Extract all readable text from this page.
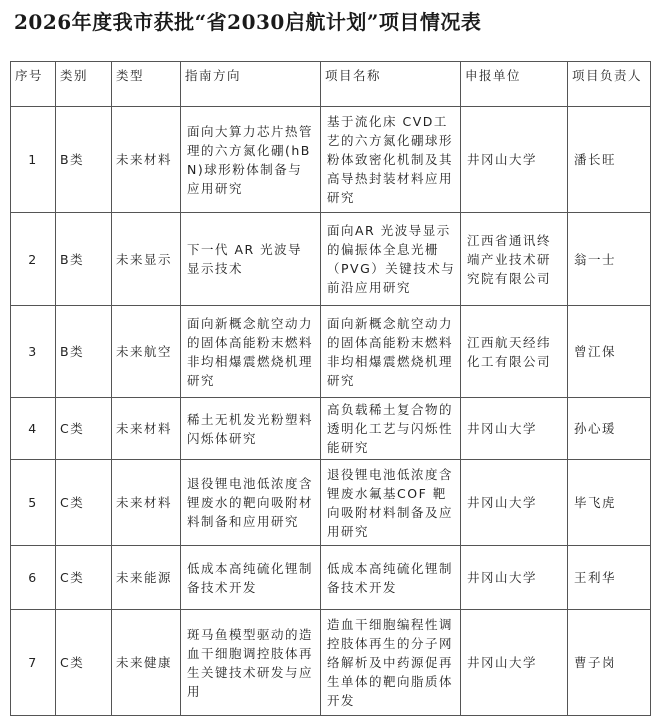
2026年度我市获批“省2030启航计划”项目情况表
序号	类别	类型	指南方向	项目名称	申报单位	项目负责人
1	B类	未来材料	面向大算力芯片热管理的六方氮化硼(hBN)球形粉体制备与应用研究	基于流化床 CVD工艺的六方氮化硼球形粉体致密化机制及其高导热封装材料应用研究	井冈山大学	潘长旺
2	B类	未来显示	下一代 AR 光波导显示技术	面向AR 光波导显示的偏振体全息光栅（PVG）关键技术与前沿应用研究	江西省通讯终端产业技术研究院有限公司	翁一士
3	B类	未来航空	面向新概念航空动力的固体高能粉末燃料非均相爆震燃烧机理研究	面向新概念航空动力的固体高能粉末燃料非均相爆震燃烧机理研究	江西航天经纬化工有限公司	曾江保
4	C类	未来材料	稀土无机发光粉塑料闪烁体研究	高负载稀土复合物的透明化工艺与闪烁性能研究	井冈山大学	孙心瑗
5	C类	未来材料	退役锂电池低浓度含锂废水的靶向吸附材料制备和应用研究	退役锂电池低浓度含锂废水氟基COF 靶向吸附材料制备及应用研究	井冈山大学	毕飞虎
6	C类	未来能源	低成本高纯硫化锂制备技术开发	低成本高纯硫化锂制备技术开发	井冈山大学	王利华
7	C类	未来健康	斑马鱼模型驱动的造血干细胞调控肢体再生关键技术研发与应用	造血干细胞编程性调控肢体再生的分子网络解析及中药源促再生单体的靶向脂质体开发	井冈山大学	曹子岗
